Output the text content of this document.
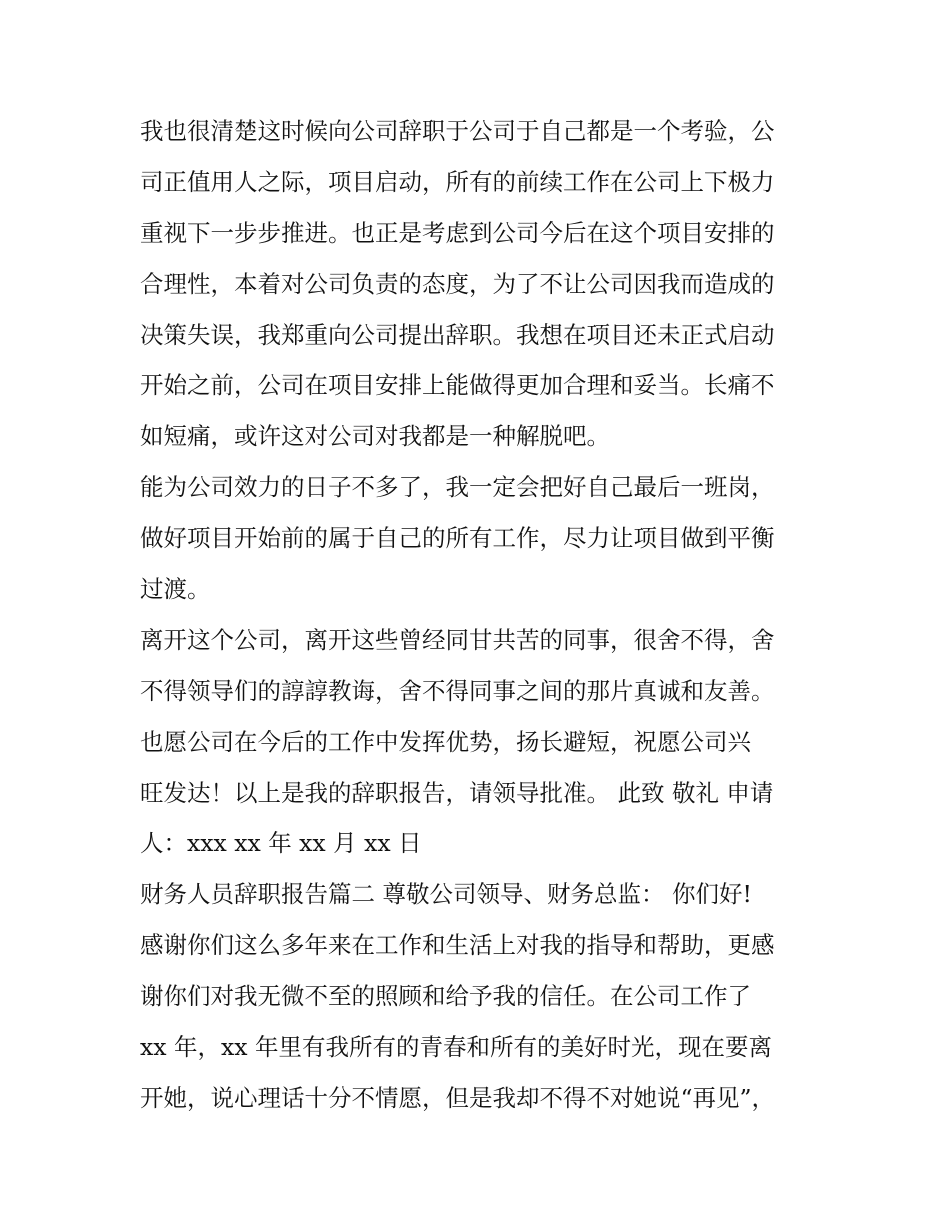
我也很清楚这时候向公司辞职于公司于自己都是一个考验，公
司正值用人之际，项目启动，所有的前续工作在公司上下极力
重视下一步步推进。也正是考虑到公司今后在这个项目安排的
合理性，本着对公司负责的态度，为了不让公司因我而造成的
决策失误，我郑重向公司提出辞职。我想在项目还未正式启动
开始之前，公司在项目安排上能做得更加合理和妥当。长痛不
如短痛，或许这对公司对我都是一种解脱吧。
能为公司效力的日子不多了，我一定会把好自己最后一班岗，
做好项目开始前的属于自己的所有工作，尽力让项目做到平衡
过渡。
离开这个公司，离开这些曾经同甘共苦的同事，很舍不得，舍
不得领导们的諄諄教诲，舍不得同事之间的那片真诚和友善。
也愿公司在今后的工作中发挥优势，扬长避短，祝愿公司兴
旺发达！以上是我的辞职报告，请领导批准。 此致 敬礼 申请
人：xxx xx 年 xx 月 xx 日
财务人员辞职报告篇二 尊敬公司领导、财务总监： 你们好!
感谢你们这么多年来在工作和生活上对我的指导和帮助，更感
谢你们对我无微不至的照顾和给予我的信任。在公司工作了
xx 年，xx 年里有我所有的青春和所有的美好时光，现在要离
开她，说心理话十分不情愿，但是我却不得不对她说“再见”，
